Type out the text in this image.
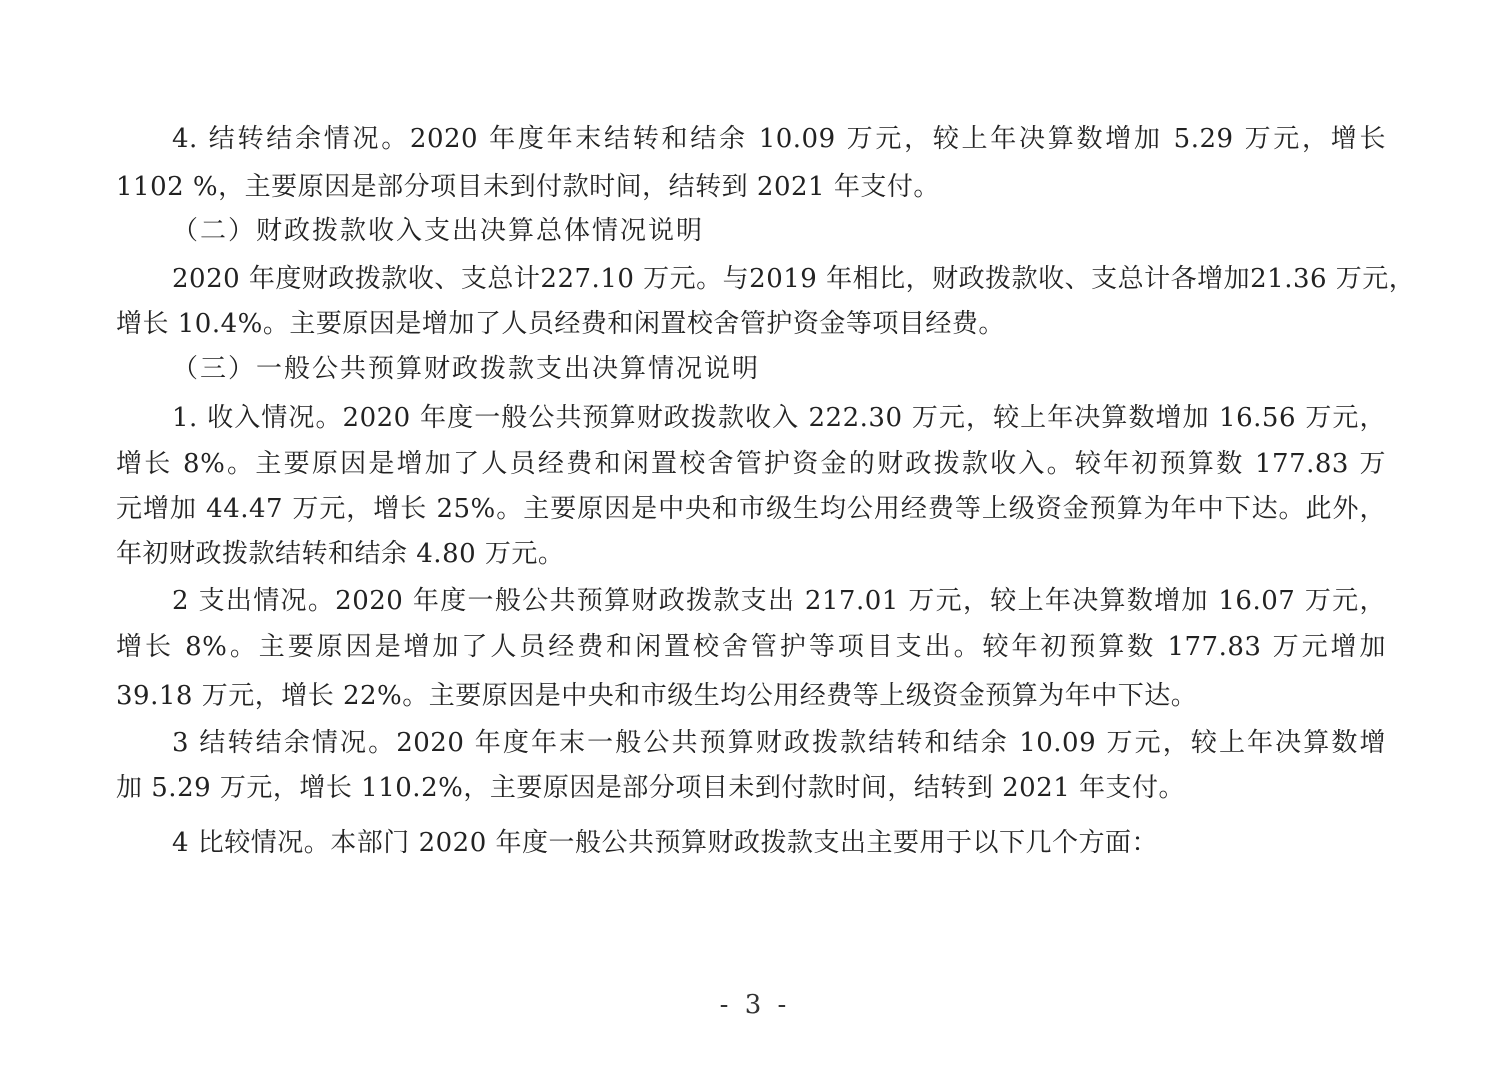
4. 结转结余情况。2020 年度年末结转和结余 10.09 万元，较上年决算数增加 5.29 万元，增长
1102 %，主要原因是部分项目未到付款时间，结转到 2021 年支付。
（二）财政拨款收入支出决算总体情况说明
2020 年度财政拨款收、支总计227.10 万元。与2019 年相比，财政拨款收、支总计各增加21.36 万元，
增长 10.4%。主要原因是增加了人员经费和闲置校舍管护资金等项目经费。
（三）一般公共预算财政拨款支出决算情况说明
1. 收入情况。2020 年度一般公共预算财政拨款收入 222.30 万元，较上年决算数增加 16.56 万元，
增长 8%。主要原因是增加了人员经费和闲置校舍管护资金的财政拨款收入。较年初预算数 177.83 万
元增加 44.47 万元，增长 25%。主要原因是中央和市级生均公用经费等上级资金预算为年中下达。此外，
年初财政拨款结转和结余 4.80 万元。
2 支出情况。2020 年度一般公共预算财政拨款支出 217.01 万元，较上年决算数增加 16.07 万元，
增长 8%。主要原因是增加了人员经费和闲置校舍管护等项目支出。较年初预算数 177.83 万元增加
39.18 万元，增长 22%。主要原因是中央和市级生均公用经费等上级资金预算为年中下达。
3 结转结余情况。2020 年度年末一般公共预算财政拨款结转和结余 10.09 万元，较上年决算数增
加 5.29 万元，增长 110.2%，主要原因是部分项目未到付款时间，结转到 2021 年支付。
4 比较情况。本部门 2020 年度一般公共预算财政拨款支出主要用于以下几个方面：
- 3 -
